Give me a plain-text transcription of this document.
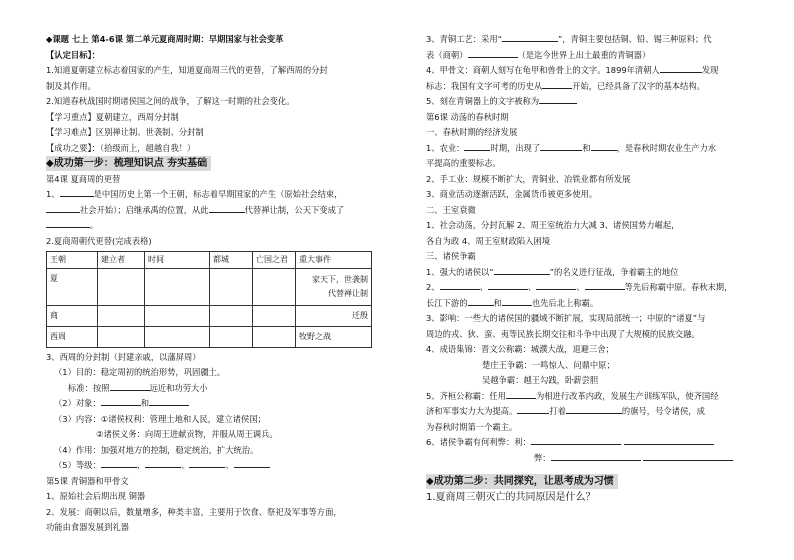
◆课题 七上 第4-6课 第二单元夏商周时期：早期国家与社会变革
【认定目标】：
1.知道夏朝建立标志着国家的产生，知道夏商周三代的更替，了解西周的分封
制及其作用。
2.知道春秋战国时期诸侯国之间的战争，了解这一时期的社会变化。
【学习重点】夏朝建立，西周分封制
【学习难点】区别禅让制、世袭制、分封制
【成功之要】：（拾级而上，超越自我！）
◆成功第一步：梳理知识点 夯实基础
第4课 夏商周的更替
1、	是中国历史上第一个王朝，标志着早期国家的产生（原始社会结束，
社会开始）；启继承禹的位置，从此	代替禅让制，公天下变成了
。
2.夏商周朝代更替(完成表格)
王朝	建立者	时间	都城	亡国之君	重大事件
夏					家天下，世袭制
代替禅让制

商					迁殷
西周					牧野之战
3、西周的分封制（封建亲戚，以藩屏周）
（1）目的：稳定周初的统治形势，巩固疆土。
标准：按照	远近和功劳大小
（2）对象：	和
（3）内容：①诸侯权利：管理土地和人民，建立诸侯国；
②诸侯义务：向周王进献贡物，并服从周王调兵。
（4）作用：加强对地方的控制，稳定统治，扩大统治。
（5）等级：	、	、	、
第5课 青铜器和甲骨文
1、原始社会后期出现 铜器
2、发展：商朝以后，数量增多，种类丰富，主要用于饮食、祭祀及军事等方面，
功能由食器发展到礼器
3、青铜工艺：采用“	”，青铜主要包括铜、铅、锡三种原料；代
表（商朝）	（是迄今世界上出土最重的青铜器）
4、甲骨文：商朝人刻写在龟甲和兽骨上的文字。1899年清朝人	发现
标志：我国有文字可考的历史从	开始，已经具备了汉字的基本结构。
5、刻在青铜器上的文字被称为
第6课 动荡的春秋时期
一、春秋时期的经济发展
1、农业：	时期，出现了	和	，是春秋时期农业生产力水
平提高的重要标志。
2、手工业：规模不断扩大，青铜业、冶铁业都有所发展
3、商业活动逐渐活跃，金属货币被更多使用。
二、王室衰微
1、社会动荡，分封瓦解 2、周王室统治力大减 3、诸侯国势力崛起，
各自为政 4、周王室财政陷入困境
三、诸侯争霸
1、强大的诸侯以“	”的名义进行征战，争着霸主的地位
2、	、	、	、	等先后称霸中原。春秋末期，
长江下游的	和	也先后北上称霸。
3、影响：一些大的诸侯国的疆域不断扩展，实现局部统一；中原的“诸夏”与
周边的戎、狄、蛮、夷等民族长期交往和斗争中出现了大规模的民族交融。
4、成语集锦：晋文公称霸：城濮大战，退避三舍；
楚庄王争霸：一鸣惊人、问鼎中原；
吴越争霸：越王勾践，卧薪尝胆
5、齐桓公称霸：任用	为相进行改革内政，发展生产训练军队，使齐国经
济和军事实力大为提高。	打着	的旗号，号令诸侯，成
为春秋时期第一个霸主。
6、诸侯争霸有何利弊：利：
弊：
◆成功第二步：共同探究，让思考成为习惯
1.夏商周三朝灭亡的共同原因是什么？
